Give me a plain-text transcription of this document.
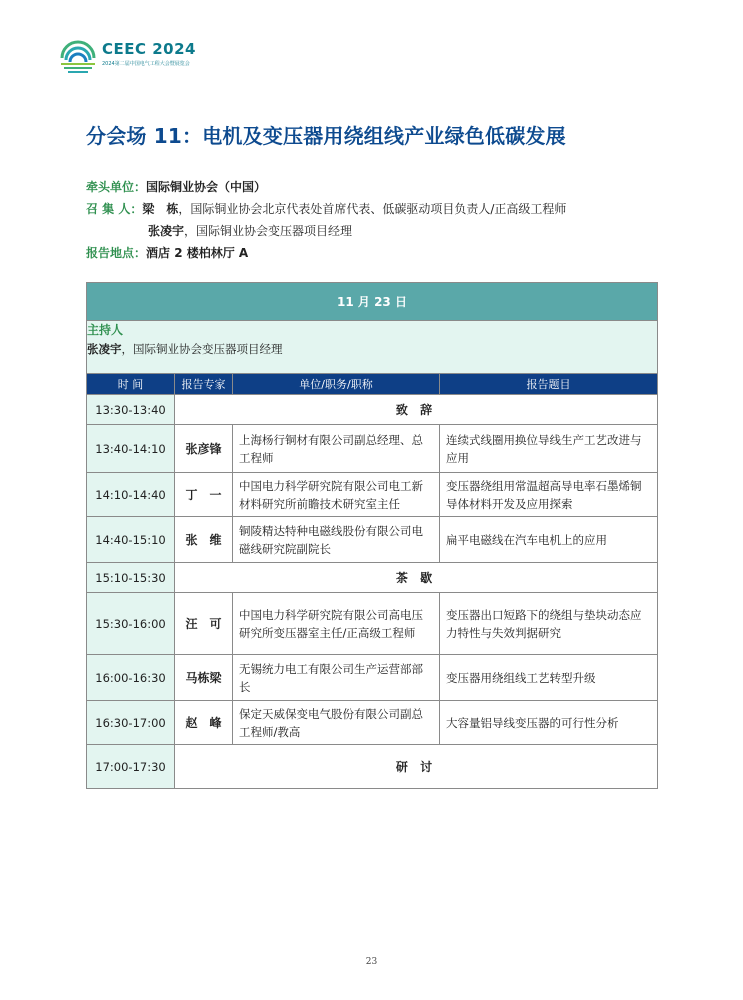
CEEC 2024
2024第二届中国电气工程大会暨展览会
分会场 11：电机及变压器用绕组线产业绿色低碳发展
牵头单位：国际铜业协会（中国）
召 集 人：梁　栋，国际铜业协会北京代表处首席代表、低碳驱动项目负责人/正高级工程师
张凌宇，国际铜业协会变压器项目经理
报告地点：酒店 2 楼柏林厅 A
11 月 23 日			

主持人
张凌宇，国际铜业协会变压器项目经理			

时 间	报告专家	单位/职务/职称	报告题目
13:30-13:40	致 辞		
13:40-14:10	张彦锋	上海杨行铜材有限公司副总经理、总工程师	连续式线圈用换位导线生产工艺改进与应用
14:10-14:40	丁　一	中国电力科学研究院有限公司电工新材料研究所前瞻技术研究室主任	变压器绕组用常温超高导电率石墨烯铜导体材料开发及应用探索
14:40-15:10	张　维	铜陵精达特种电磁线股份有限公司电磁线研究院副院长	扁平电磁线在汽车电机上的应用
15:10-15:30	茶 歇		
15:30-16:00	汪　可	中国电力科学研究院有限公司高电压研究所变压器室主任/正高级工程师	变压器出口短路下的绕组与垫块动态应力特性与失效判据研究
16:00-16:30	马栋梁	无锡统力电工有限公司生产运营部部长	变压器用绕组线工艺转型升级
16:30-17:00	赵　峰	保定天威保变电气股份有限公司副总工程师/教高	大容量铝导线变压器的可行性分析
17:00-17:30	研 讨		
23
